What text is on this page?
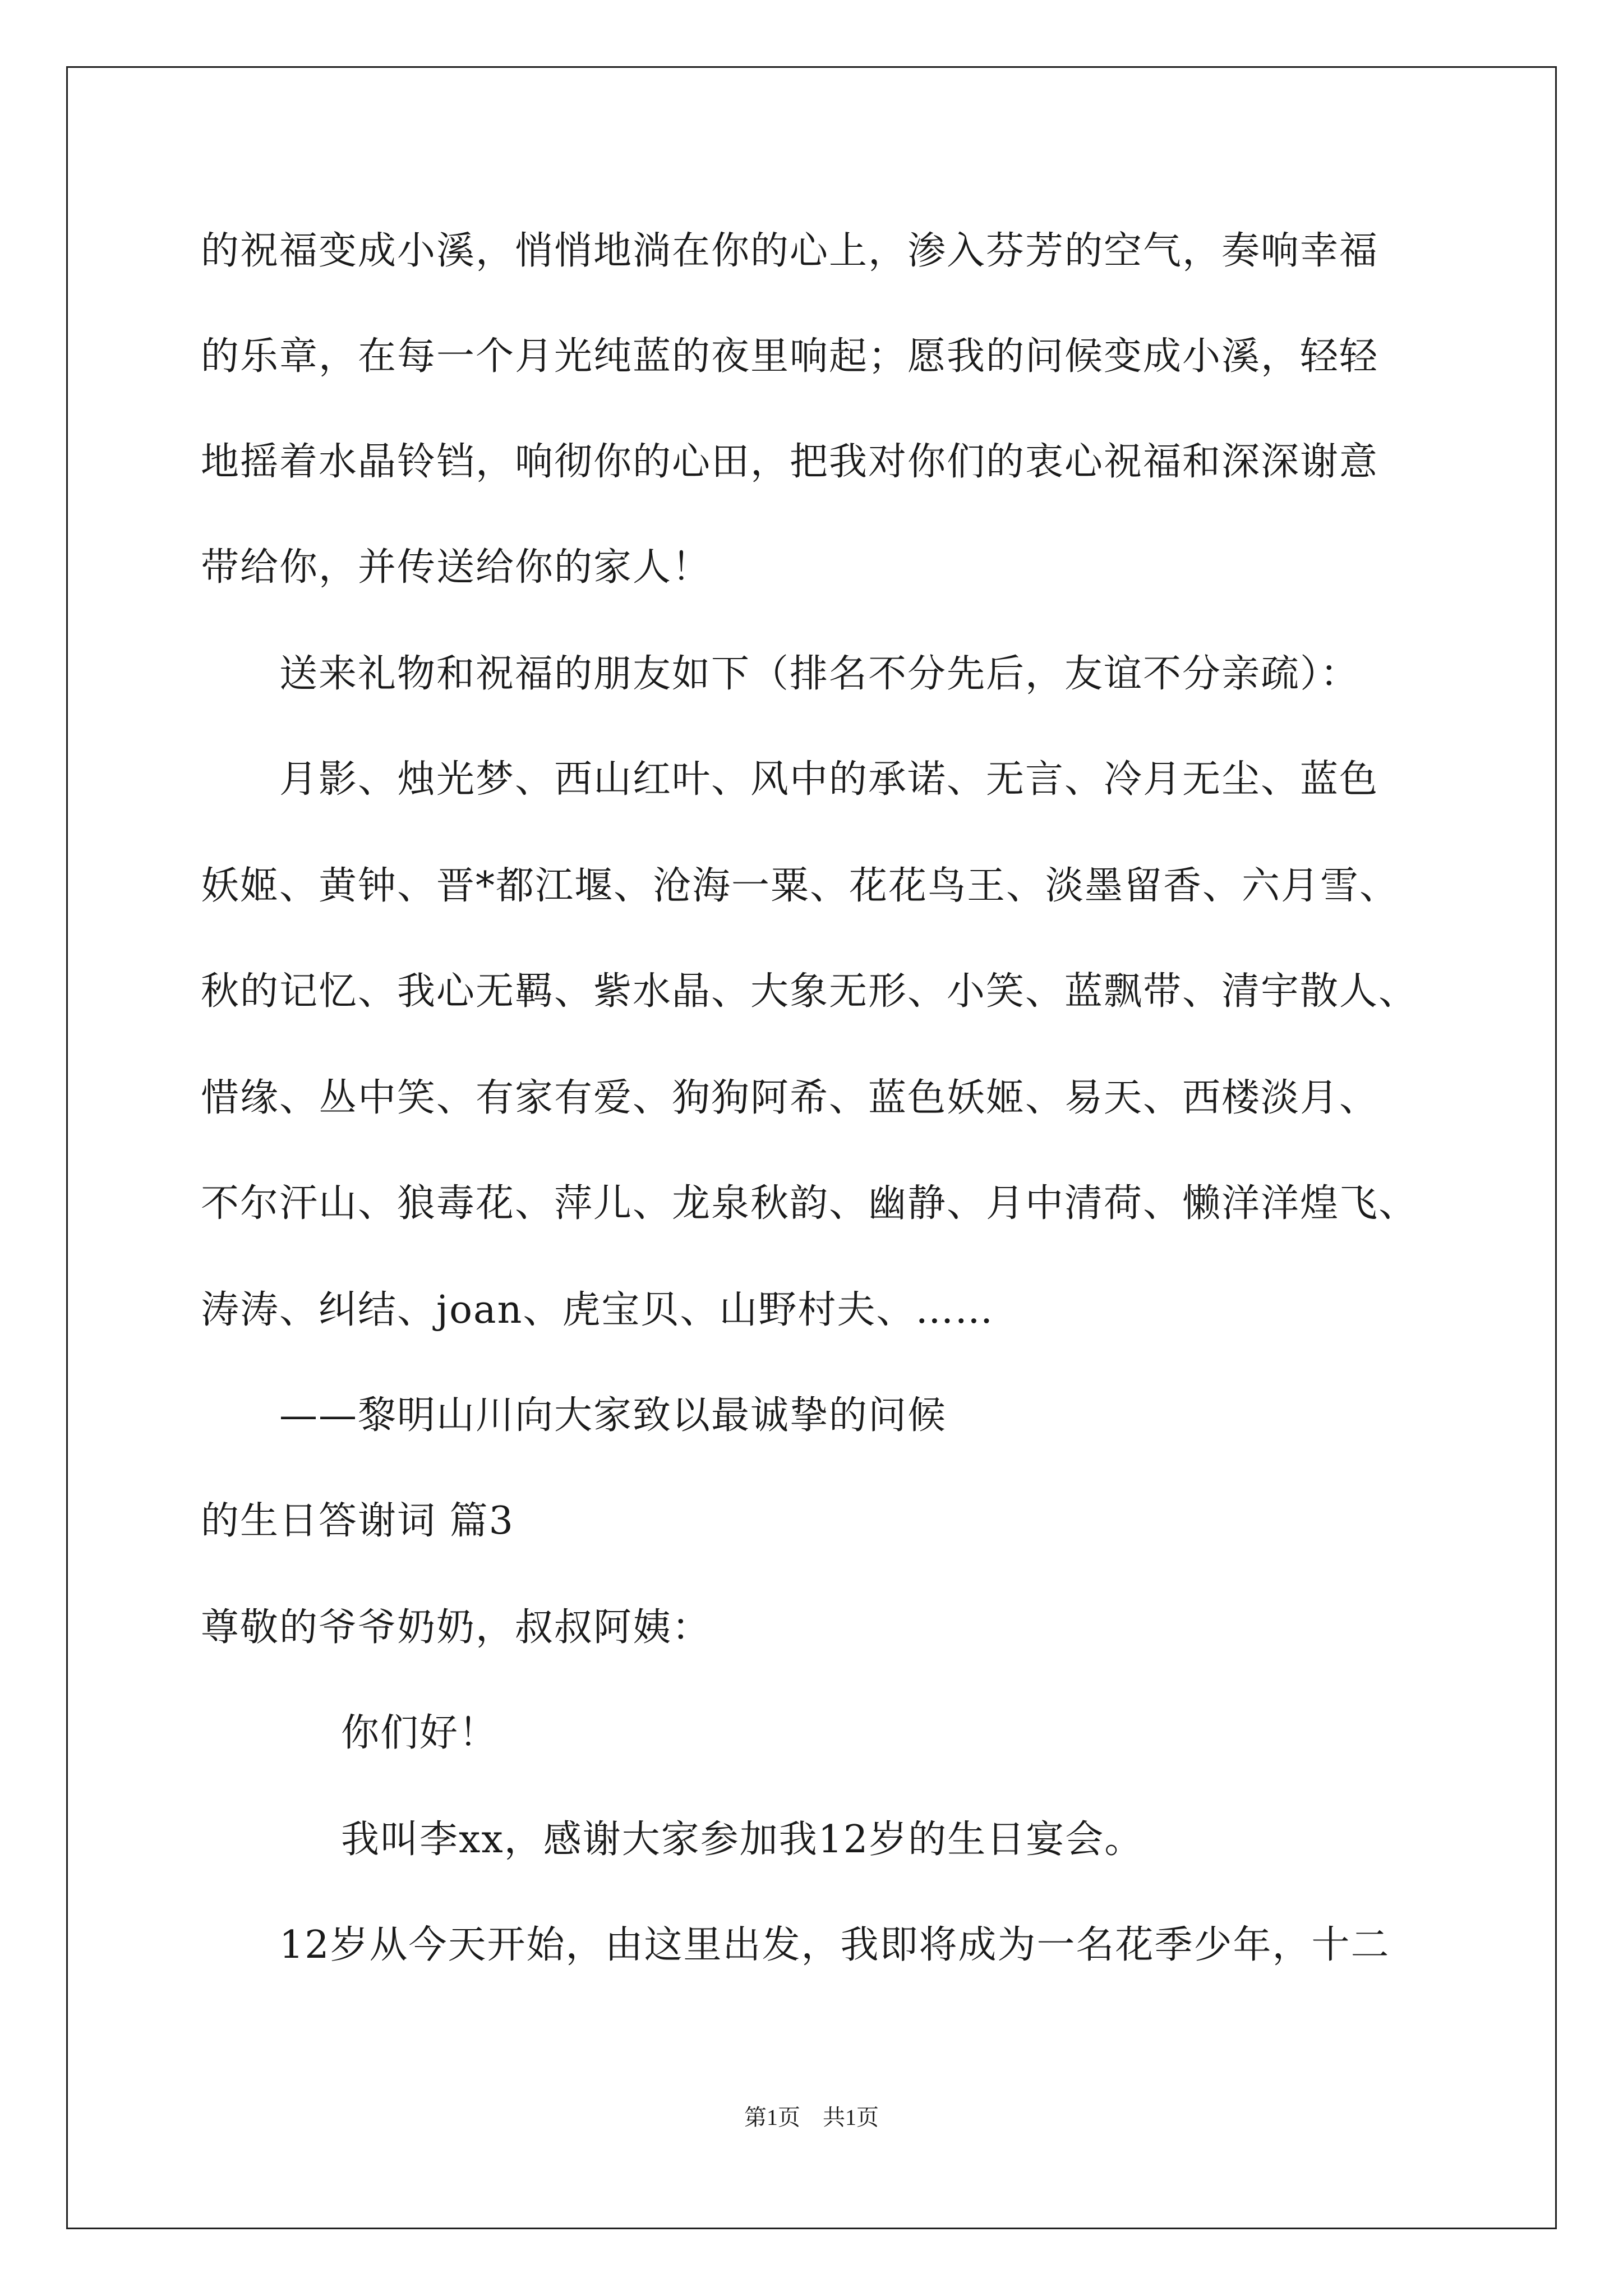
的祝福变成小溪，悄悄地淌在你的心上，渗入芬芳的空气，奏响幸福
的乐章，在每一个月光纯蓝的夜里响起；愿我的问候变成小溪，轻轻
地摇着水晶铃铛，响彻你的心田，把我对你们的衷心祝福和深深谢意
带给你，并传送给你的家人！
送来礼物和祝福的朋友如下（排名不分先后，友谊不分亲疏）：
月影、烛光梦、西山红叶、风中的承诺、无言、冷月无尘、蓝色
妖姬、黄钟、晋*都江堰、沧海一粟、花花鸟王、淡墨留香、六月雪、
秋的记忆、我心无羁、紫水晶、大象无形、小笑、蓝飘带、清宇散人、
惜缘、丛中笑、有家有爱、狗狗阿希、蓝色妖姬、易天、西楼淡月、
不尔汗山、狼毒花、萍儿、龙泉秋韵、幽静、月中清荷、懒洋洋煌飞、
涛涛、纠结、joan、虎宝贝、山野村夫、……
——黎明山川向大家致以最诚挚的问候
的生日答谢词 篇3
尊敬的爷爷奶奶，叔叔阿姨：
你们好！
我叫李xx，感谢大家参加我12岁的生日宴会。
12岁从今天开始，由这里出发，我即将成为一名花季少年，十二
第1页　共1页
